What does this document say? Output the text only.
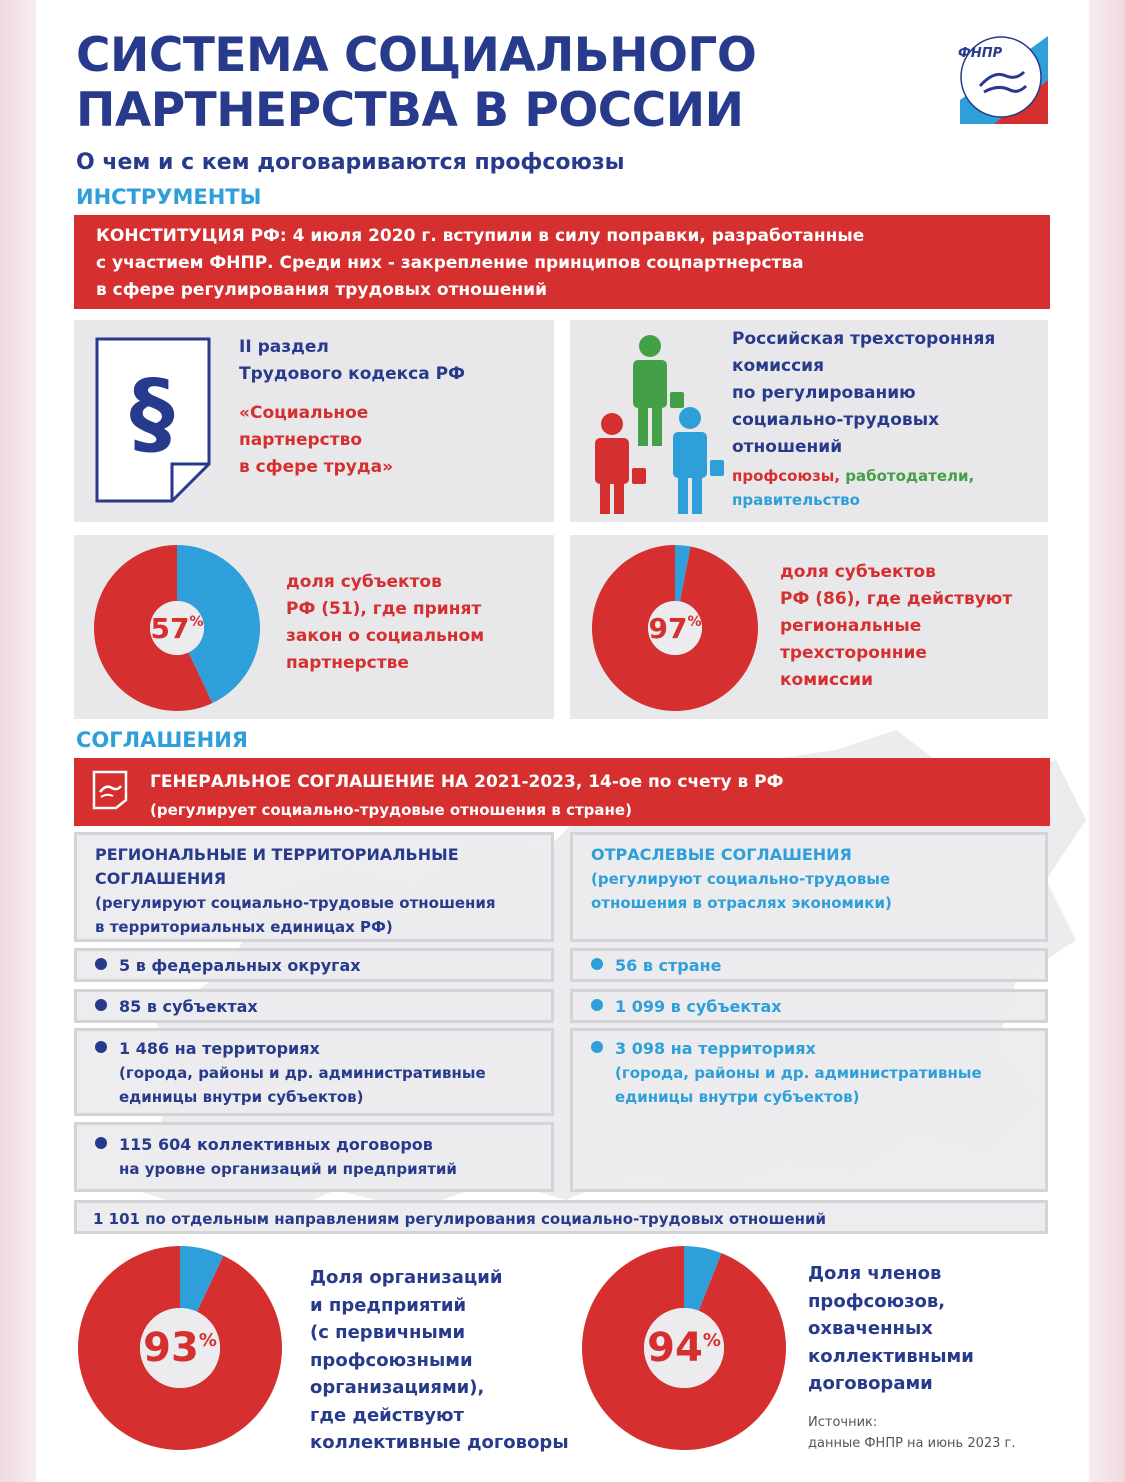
СИСТЕМА СОЦИАЛЬНОГО
ПАРТНЕРСТВА В РОССИИ
ФНПР
О чем и с кем договариваются профсоюзы
ИНСТРУМЕНТЫ
КОНСТИТУЦИЯ РФ: 4 июля 2020 г. вступили в силу поправки, разработанные
с участием ФНПР. Среди них - закрепление принципов соцпартнерства
в сфере регулирования трудовых отношений
§
II раздел
Трудового кодекса РФ
«Социальное
партнерство
в сфере труда»
Российская трехсторонняя
комиссия
по регулированию
социально-трудовых
отношений
профсоюзы, работодатели,
правительство
57 %
доля субъектов
РФ (51), где принят
закон о социальном
партнерстве
97 %
доля субъектов
РФ (86), где действуют
региональные
трехсторонние
комиссии
СОГЛАШЕНИЯ
ГЕНЕРАЛЬНОЕ СОГЛАШЕНИЕ НА 2021-2023, 14-ое по счету в РФ
(регулирует социально-трудовые отношения в стране)
РЕГИОНАЛЬНЫЕ И ТЕРРИТОРИАЛЬНЫЕ
СОГЛАШЕНИЯ
(регулируют социально-трудовые отношения
в территориальных единицах РФ)
ОТРАСЛЕВЫЕ СОГЛАШЕНИЯ
(регулируют социально-трудовые
отношения в отраслях экономики)
5 в федеральных округах
85 в субъектах
1 486 на территориях
(города, районы и др. административные
единицы внутри субъектов)
115 604 коллективных договоров
на уровне организаций и предприятий
56 в стране
1 099 в субъектах
3 098 на территориях
(города, районы и др. административные
единицы внутри субъектов)
1 101 по отдельным направлениям регулирования социально-трудовых отношений
93 %
Доля организаций
и предприятий
(с первичными
профсоюзными
организациями),
где действуют
коллективные договоры
94 %
Доля членов
профсоюзов,
охваченных
коллективными
договорами
Источник:
данные ФНПР на июнь 2023 г.
